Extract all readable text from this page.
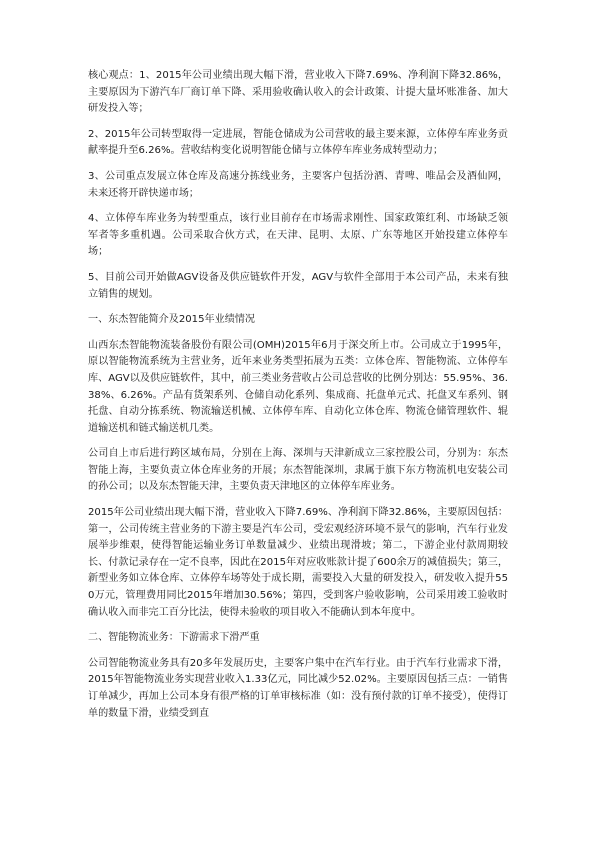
核心观点：1、2015年公司业绩出现大幅下滑，营业收入下降7.69%、净利润下降32.86%，主要原因为下游汽车厂商订单下降、采用验收确认收入的会计政策、计提大量坏账准备、加大研发投入等；

2、2015年公司转型取得一定进展，智能仓储成为公司营收的最主要来源，立体停车库业务贡献率提升至6.26%。营收结构变化说明智能仓储与立体停车库业务成转型动力；

3、公司重点发展立体仓库及高速分拣线业务，主要客户包括汾酒、青啤、唯品会及酒仙网，未来还将开辟快递市场；

4、立体停车库业务为转型重点，该行业目前存在市场需求刚性、国家政策红利、市场缺乏领军者等多重机遇。公司采取合伙方式，在天津、昆明、太原、广东等地区开始投建立体停车场；

5、目前公司开始做AGV设备及供应链软件开发，AGV与软件全部用于本公司产品，未来有独立销售的规划。

一、东杰智能简介及2015年业绩情况

山西东杰智能物流装备股份有限公司(OMH)2015年6月于深交所上市。公司成立于1995年，原以智能物流系统为主营业务，近年来业务类型拓展为五类：立体仓库、智能物流、立体停车库、AGV以及供应链软件，其中，前三类业务营收占公司总营收的比例分别达：55.95%、36.38%、6.26%。产品有货架系列、仓储自动化系列、集成商、托盘单元式、托盘叉车系列、钢托盘、自动分拣系统、物流输送机械、立体停车库、自动化立体仓库、物流仓储管理软件、辊道输送机和链式输送机几类。

公司自上市后进行跨区域布局，分别在上海、深圳与天津新成立三家控股公司，分别为：东杰智能上海，主要负责立体仓库业务的开展；东杰智能深圳，隶属于旗下东方物流机电安装公司的孙公司；以及东杰智能天津，主要负责天津地区的立体停车库业务。

2015年公司业绩出现大幅下滑，营业收入下降7.69%、净利润下降32.86%，主要原因包括：第一，公司传统主营业务的下游主要是汽车公司，受宏观经济环境不景气的影响，汽车行业发展举步维艰，使得智能运输业务订单数量减少、业绩出现滑坡；第二，下游企业付款周期较长、付款记录存在一定不良率，因此在2015年对应收账款计提了600余万的减值损失；第三，新型业务如立体仓库、立体停车场等处于成长期，需要投入大量的研发投入，研发收入提升550万元，管理费用同比2015年增加30.56%；第四，受到客户验收影响，公司采用竣工验收时确认收入而非完工百分比法，使得未验收的项目收入不能确认到本年度中。

二、智能物流业务：下游需求下滑严重

公司智能物流业务具有20多年发展历史，主要客户集中在汽车行业。由于汽车行业需求下滑，2015年智能物流业务实现营业收入1.33亿元，同比减少52.02%。主要原因包括三点：一销售订单减少，再加上公司本身有很严格的订单审核标准（如：没有预付款的订单不接受），使得订单的数量下滑，业绩受到直
